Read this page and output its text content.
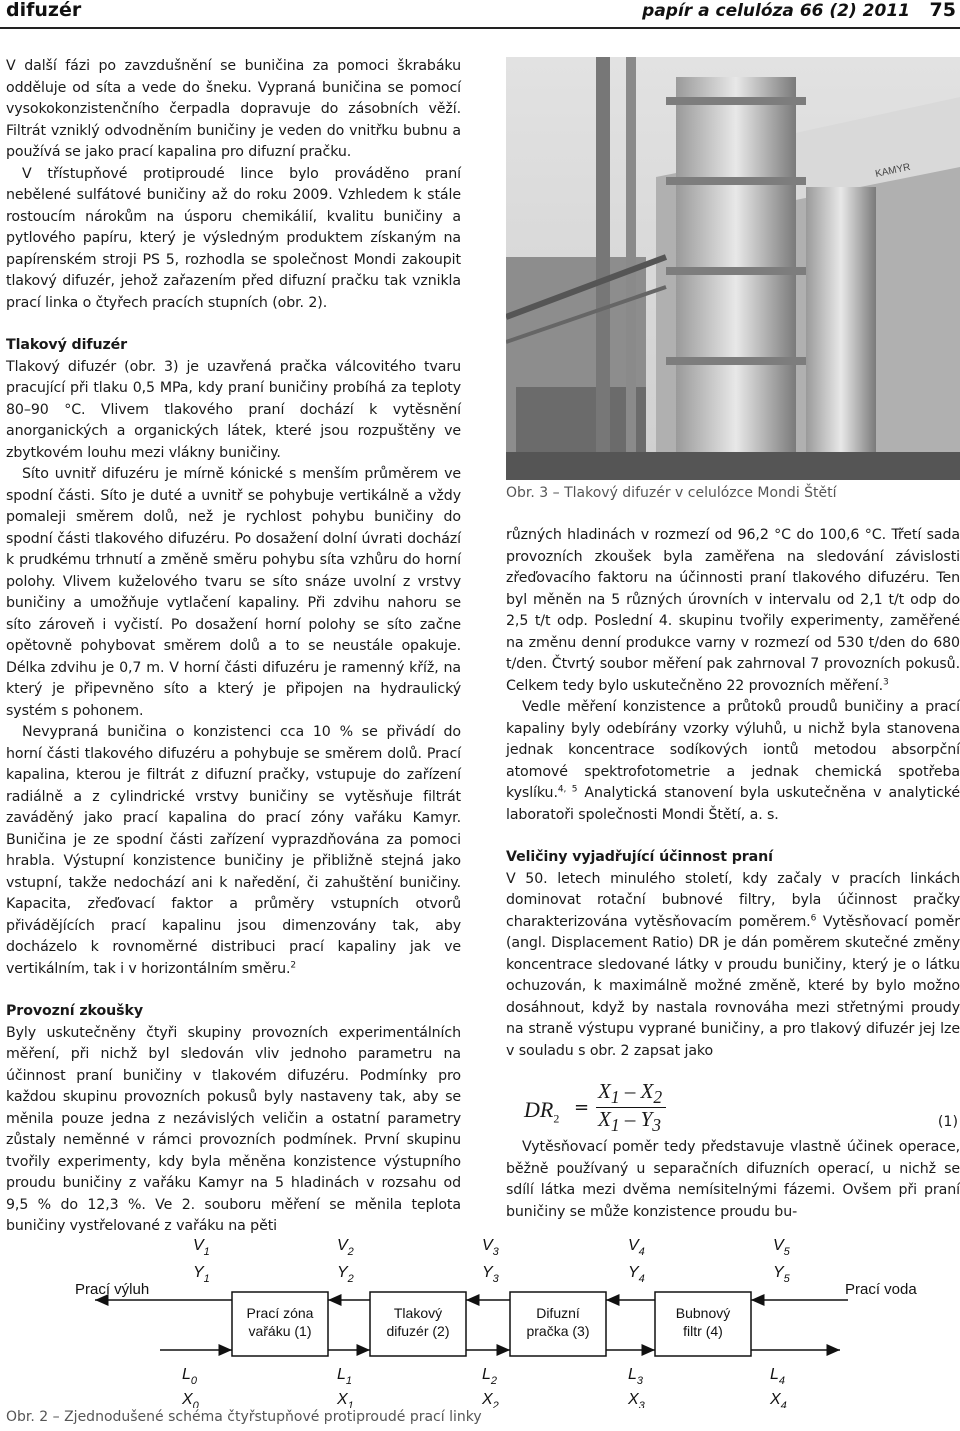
difuzér	papír a celulóza 66 (2) 2011 75

V další fázi po zavzdušnění se buničina za pomoci škrabáku odděluje od síta a vede do šneku. Vypraná buničina se pomocí vysokokonzistenčního čerpadla dopravuje do zásobních věží. Filtrát vzniklý odvodněním buničiny je veden do vnitřku bubnu a používá se jako prací kapalina pro difuzní pračku.

V třístupňové protiproudé lince bylo prováděno praní nebělené sulfátové buničiny až do roku 2009. Vzhledem k stále rostoucím nárokům na úsporu chemikálií, kvalitu buničiny a pytlového papíru, který je výsledným produktem získaným na papírenském stroji PS 5, rozhodla se společnost Mondi zakoupit tlakový difuzér, jehož zařazením před difuzní pračku tak vznikla prací linka o čtyřech pracích stupních (obr. 2).

Tlakový difuzér

Tlakový difuzér (obr. 3) je uzavřená pračka válcovitého tvaru pracující při tlaku 0,5 MPa, kdy praní buničiny probíhá za teploty 80–90 °C. Vlivem tlakového praní dochází k vytěsnění anorganických a organických látek, které jsou rozpuštěny ve zbytkovém louhu mezi vlákny buničiny.

Síto uvnitř difuzéru je mírně kónické s menším průměrem ve spodní části. Síto je duté a uvnitř se pohybuje vertikálně a vždy pomaleji směrem dolů, než je rychlost pohybu buničiny do spodní části tlakového difuzéru. Po dosažení dolní úvrati dochází k prudkému trhnutí a změně směru pohybu síta vzhůru do horní polohy. Vlivem kuželového tvaru se síto snáze uvolní z vrstvy buničiny a umožňuje vytlačení kapaliny. Při zdvihu nahoru se síto zároveň i vyčistí. Po dosažení horní polohy se síto začne opětovně pohybovat směrem dolů a to se neustále opakuje. Délka zdvihu je 0,7 m. V horní části difuzéru je ramenný kříž, na který je připevněno síto a který je připojen na hydraulický systém s pohonem.

Nevypraná buničina o konzistenci cca 10 % se přivádí do horní části tlakového difuzéru a pohybuje se směrem dolů. Prací kapalina, kterou je filtrát z difuzní pračky, vstupuje do zařízení radiálně a z cylindrické vrstvy buničiny se vytěsňuje filtrát zaváděný jako prací kapalina do prací zóny vařáku Kamyr. Buničina je ze spodní části zařízení vyprazdňována za pomoci hrabla. Výstupní konzistence buničiny je přibližně stejná jako vstupní, takže nedochází ani k naředění, či zahuštění buničiny. Kapacita, zřeďovací faktor a průměry vstupních otvorů přivádějících prací kapalinu jsou dimenzovány tak, aby docházelo k rovnoměrné distribuci prací kapaliny jak ve vertikálním, tak i v horizontálním směru.$^2$

Provozní zkoušky

Byly uskutečněny čtyři skupiny provozních experimentálních měření, při nichž byl sledován vliv jednoho parametru na účinnost praní buničiny v tlakovém difuzéru. Podmínky pro každou skupinu provozních pokusů byly nastaveny tak, aby se měnila pouze jedna z nezávislých veličin a ostatní parametry zůstaly neměnné v rámci provozních podmínek. První skupinu tvořily experimenty, kdy byla měněna konzistence výstupního proudu buničiny z vařáku Kamyr na 5 hladinách v rozsahu od 9,5 % do 12,3 %. Ve 2. souboru měření se měnila teplota buničiny vystřelované z vařáku na pěti

KAMYR
Obr. 3 – Tlakový difuzér v celulózce Mondi Štětí

různých hladinách v rozmezí od 96,2 °C do 100,6 °C. Třetí sada provozních zkoušek byla zaměřena na sledování závislosti zřeďovacího faktoru na účinnosti praní tlakového difuzéru. Ten byl měněn na 5 různých úrovních v intervalu od 2,1 t/t odp do 2,5 t/t odp. Poslední 4. skupinu tvořily experimenty, zaměřené na změnu denní produkce varny v rozmezí od 530 t/den do 680 t/den. Čtvrtý soubor měření pak zahrnoval 7 provozních pokusů. Celkem tedy bylo uskutečněno 22 provozních měření.$^3$

Vedle měření konzistence a průtoků proudů buničiny a prací kapaliny byly odebírány vzorky výluhů, u nichž byla stanovena jednak koncentrace sodíkových iontů metodou absorpční atomové spektrofotometrie a jednak chemická spotřeba kyslíku.$^{4, 5}$ Analytická stanovení byla uskutečněna v analytické laboratoři společnosti Mondi Štětí, a. s.

Veličiny vyjadřující účinnost praní

V 50. letech minulého století, kdy začaly v pracích linkách dominovat rotační bubnové filtry, byla účinnost pračky charakterizována vytěsňovacím poměrem.$^6$ Vytěsňovací poměr (angl. Displacement Ratio) DR je dán poměrem skutečné změny koncentrace sledované látky v proudu buničiny, který je o látku ochuzován, k maximálně možné změně, které by bylo možno dosáhnout, když by nastala rovnováha mezi střetnými proudy na straně výstupu vyprané buničiny, a pro tlakový difuzér jej lze v souladu s obr. 2 zapsat jako

$DR_2$
=
$X_1 - X_2$
$X_1 - Y_3$	(1)

Vytěsňovací poměr tedy představuje vlastně účinek operace, běžně používaný u separačních difuzních operací, u nichž se sdílí látka mezi dvěma nemísitelnými fázemi. Ovšem při praní buničiny se může konzistence proudu bu-

Prací zóna
vařáku (1)
Tlakový
difuzér (2)
Difuzní
pračka (3)
Bubnový
filtr (4)
Prací výluh	Prací voda
$V_1$
$Y_1$
$V_2$
$Y_2$
$V_3$
$Y_3$
$V_4$
$Y_4$
$V_5$
$Y_5$
$L_0$
$X_0$
$L_1$
$X_1$
$L_2$
$X_2$
$L_3$
$X_3$
$L_4$
$X_4$
Obr. 2 – Zjednodušené schéma čtyřstupňové protiproudé prací linky
